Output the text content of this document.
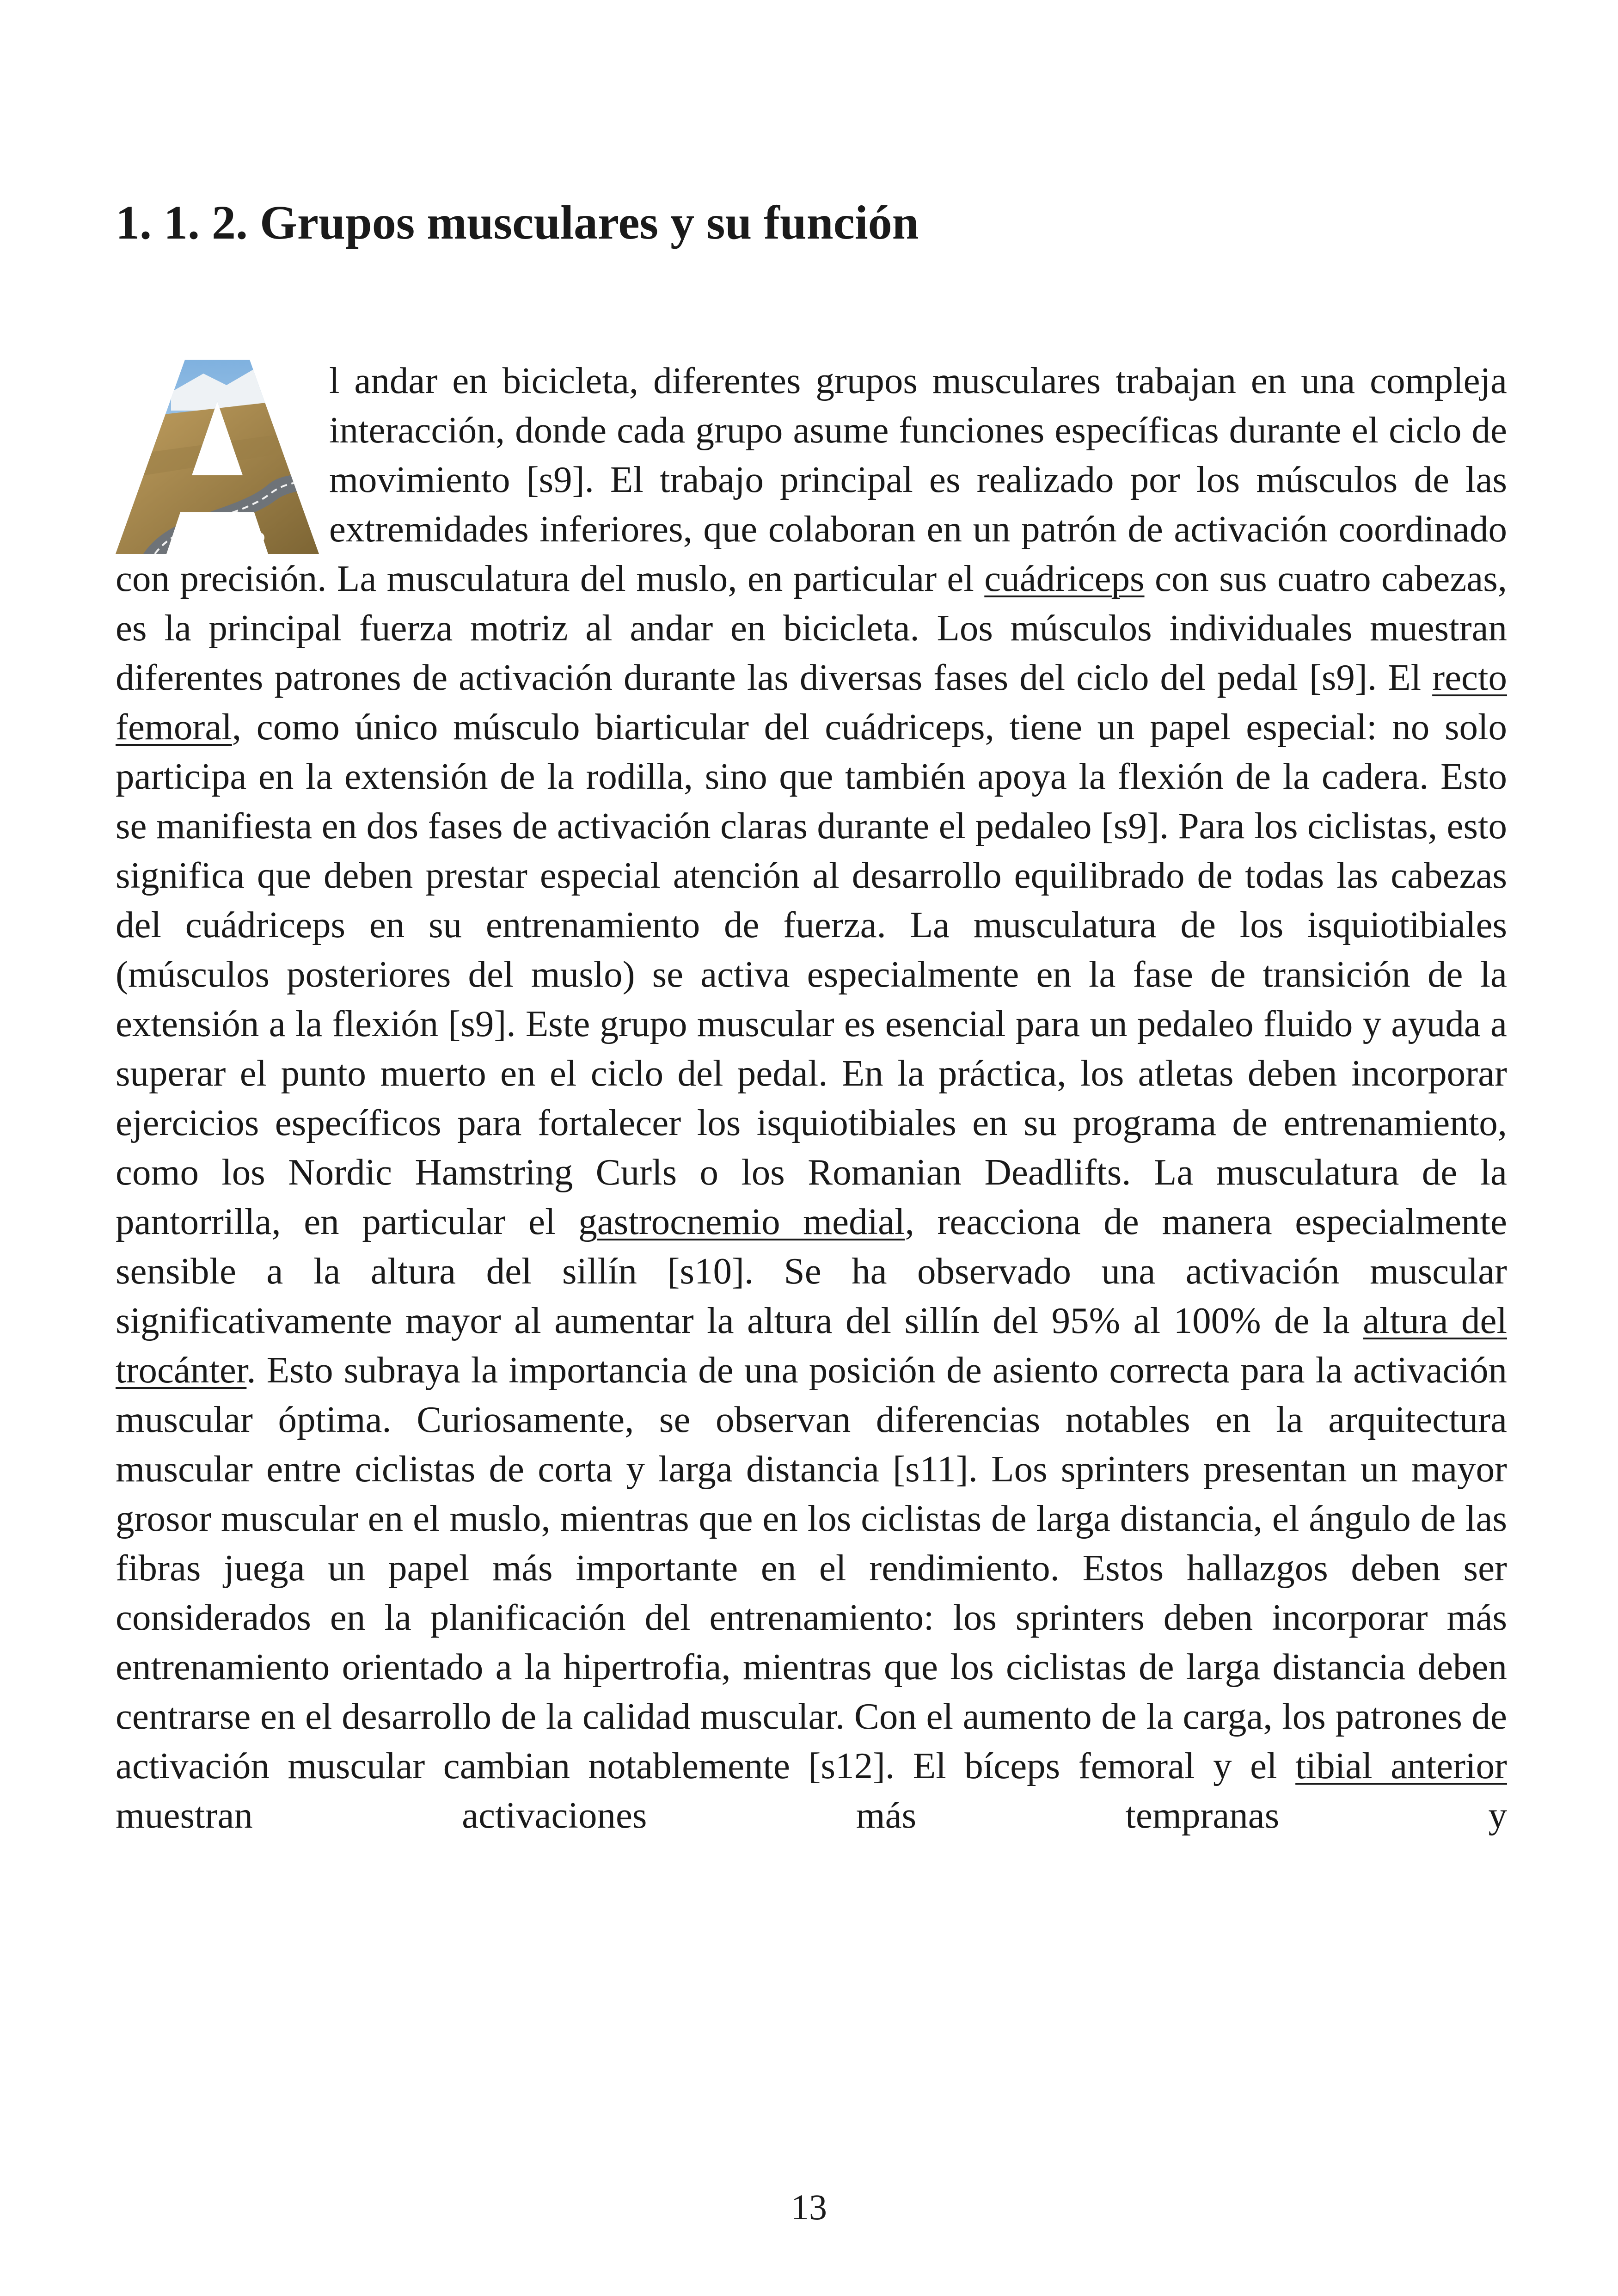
1. 1. 2. Grupos musculares y su función

l andar en bicicleta, diferentes grupos musculares trabajan en una compleja interacción, donde cada grupo asume funciones específicas durante el ciclo de movimiento [s9]. El trabajo principal es realizado por los músculos de las extremidades inferiores, que colaboran en un patrón de activación coordinado con precisión. La musculatura del muslo, en particular el cuádriceps con sus cuatro cabezas, es la principal fuerza motriz al andar en bicicleta. Los músculos individuales muestran diferentes patrones de activación durante las diversas fases del ciclo del pedal [s9]. El recto femoral, como único músculo biarticular del cuádriceps, tiene un papel especial: no solo participa en la extensión de la rodilla, sino que también apoya la flexión de la cadera. Esto se manifiesta en dos fases de activación claras durante el pedaleo [s9]. Para los ciclistas, esto significa que deben prestar especial atención al desarrollo equilibrado de todas las cabezas del cuádriceps en su entrenamiento de fuerza. La musculatura de los isquiotibiales (músculos posteriores del muslo) se activa especialmente en la fase de transición de la extensión a la flexión [s9]. Este grupo muscular es esencial para un pedaleo fluido y ayuda a superar el punto muerto en el ciclo del pedal. En la práctica, los atletas deben incorporar ejercicios específicos para fortalecer los isquiotibiales en su programa de entrenamiento, como los Nordic Hamstring Curls o los Romanian Deadlifts. La musculatura de la pantorrilla, en particular el gastrocnemio medial, reacciona de manera especialmente sensible a la altura del sillín [s10]. Se ha observado una activación muscular significativamente mayor al aumentar la altura del sillín del 95% al 100% de la altura del trocánter. Esto subraya la importancia de una posición de asiento correcta para la activación muscular óptima. Curiosamente, se observan diferencias notables en la arquitectura muscular entre ciclistas de corta y larga distancia [s11]. Los sprinters presentan un mayor grosor muscular en el muslo, mientras que en los ciclistas de larga distancia, el ángulo de las fibras juega un papel más importante en el rendimiento. Estos hallazgos deben ser considerados en la planificación del entrenamiento: los sprinters deben incorporar más entrenamiento orientado a la hipertrofia, mientras que los ciclistas de larga distancia deben centrarse en el desarrollo de la calidad muscular. Con el aumento de la carga, los patrones de activación muscular cambian notablemente [s12]. El bíceps femoral y el tibial anterior muestran activaciones más tempranas y

13
